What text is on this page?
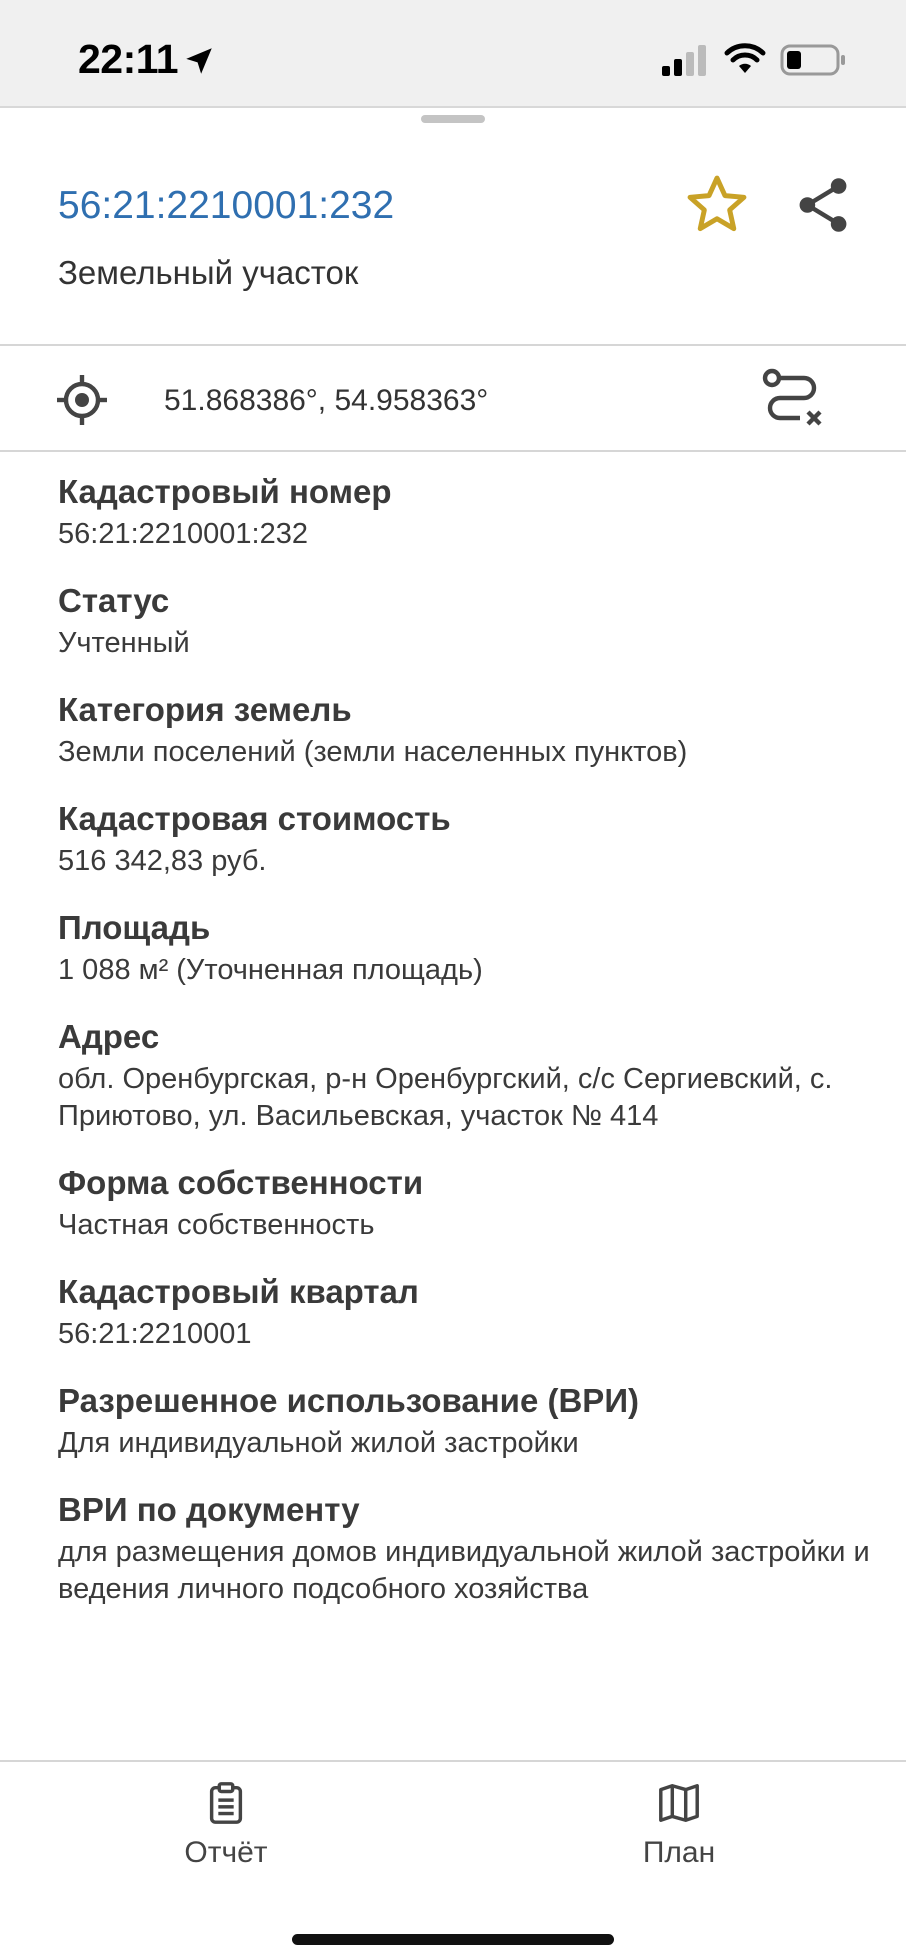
22:11
56:21:2210001:232
Земельный участок
51.868386°, 54.958363°
Кадастровый номер
56:21:2210001:232
Статус
Учтенный
Категория земель
Земли поселений (земли населенных пунктов)
Кадастровая стоимость
516 342,83 руб.
Площадь
1 088 м² (Уточненная площадь)
Адрес
обл. Оренбургская, р-н Оренбургский, с/с Сергиевский, с. Приютово, ул. Васильевская, участок № 414
Форма собственности
Частная собственность
Кадастровый квартал
56:21:2210001
Разрешенное использование (ВРИ)
Для индивидуальной жилой застройки
ВРИ по документу
для размещения домов индивидуальной жилой застройки и ведения личного подсобного хозяйства
Отчёт	План
